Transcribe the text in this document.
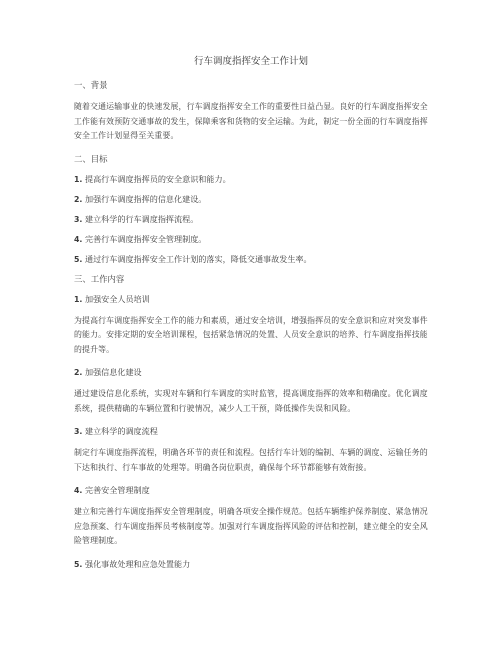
行车调度指挥安全工作计划
一、背景
随着交通运输事业的快速发展，行车调度指挥安全工作的重要性日益凸显。良好的行车调度指挥安全工作能有效预防交通事故的发生，保障乘客和货物的安全运输。为此，制定一份全面的行车调度指挥安全工作计划显得至关重要。
二、目标
1. 提高行车调度指挥员的安全意识和能力。
2. 加强行车调度指挥的信息化建设。
3. 建立科学的行车调度指挥流程。
4. 完善行车调度指挥安全管理制度。
5. 通过行车调度指挥安全工作计划的落实，降低交通事故发生率。
三、工作内容
1. 加强安全人员培训
为提高行车调度指挥安全工作的能力和素质，通过安全培训，增强指挥员的安全意识和应对突发事件的能力。安排定期的安全培训课程，包括紧急情况的处置、人员安全意识的培养、行车调度指挥技能的提升等。
2. 加强信息化建设
通过建设信息化系统，实现对车辆和行车调度的实时监管，提高调度指挥的效率和精确度。优化调度系统，提供精确的车辆位置和行驶情况，减少人工干预，降低操作失误和风险。
3. 建立科学的调度流程
制定行车调度指挥流程，明确各环节的责任和流程。包括行车计划的编制、车辆的调度、运输任务的下达和执行、行车事故的处理等。明确各岗位职责，确保每个环节都能够有效衔接。
4. 完善安全管理制度
建立和完善行车调度指挥安全管理制度，明确各项安全操作规范。包括车辆维护保养制度、紧急情况应急预案、行车调度指挥员考核制度等。加强对行车调度指挥风险的评估和控制，建立健全的安全风险管理制度。
5. 强化事故处理和应急处置能力
